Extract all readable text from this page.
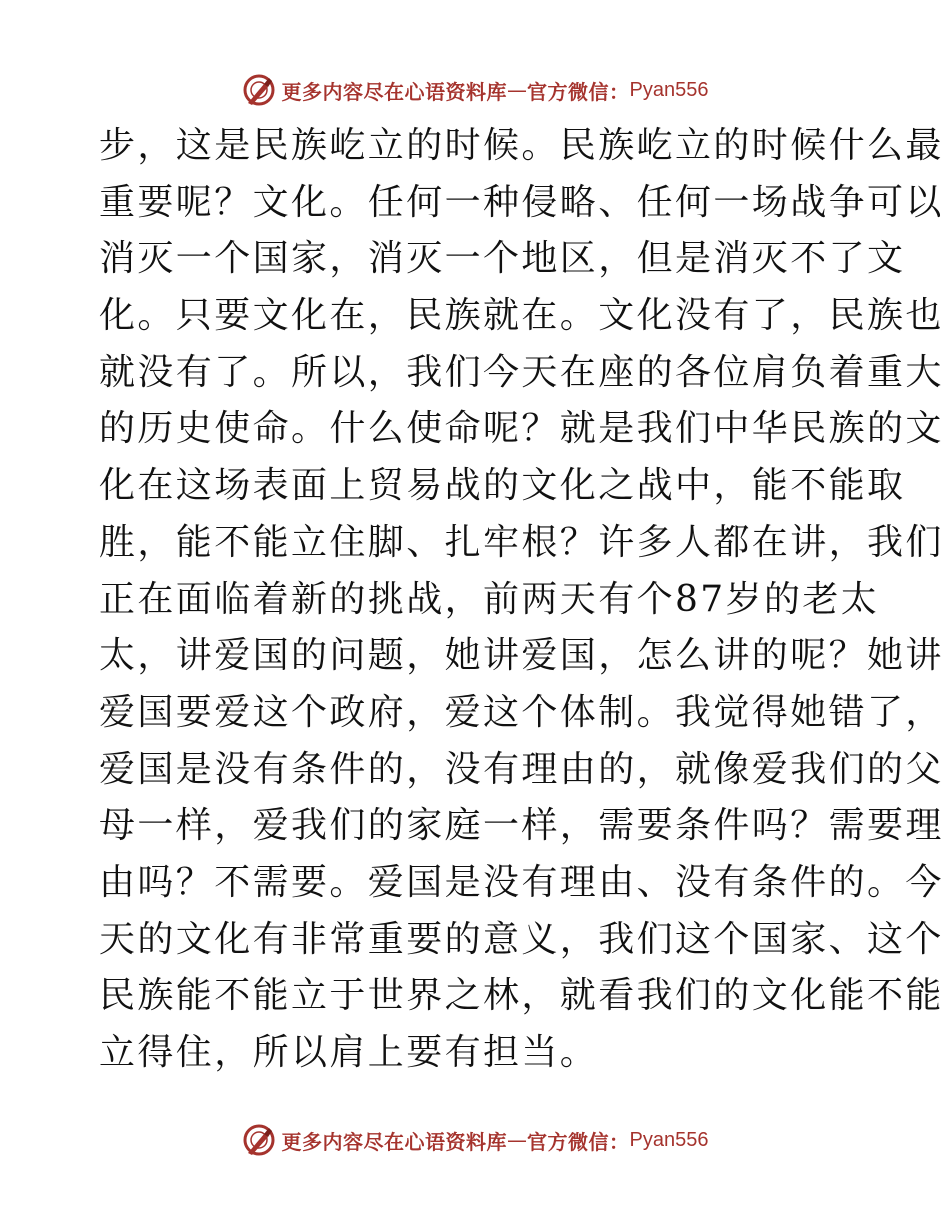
更多内容尽在心语资料库 — 官方微信： Pyan556
步，这是民族屹立的时候。民族屹立的时候什么最
重要呢？文化。任何一种侵略、任何一场战争可以
消灭一个国家，消灭一个地区，但是消灭不了文
化。只要文化在，民族就在。文化没有了，民族也
就没有了。所以，我们今天在座的各位肩负着重大
的历史使命。什么使命呢？就是我们中华民族的文
化在这场表面上贸易战的文化之战中，能不能取
胜，能不能立住脚、扎牢根？许多人都在讲，我们
正在面临着新的挑战，前两天有个87岁的老太
太，讲爱国的问题，她讲爱国，怎么讲的呢？她讲
爱国要爱这个政府，爱这个体制。我觉得她错了，
爱国是没有条件的，没有理由的，就像爱我们的父
母一样，爱我们的家庭一样，需要条件吗？需要理
由吗？不需要。爱国是没有理由、没有条件的。今
天的文化有非常重要的意义，我们这个国家、这个
民族能不能立于世界之林，就看我们的文化能不能
立得住，所以肩上要有担当。
更多内容尽在心语资料库 — 官方微信： Pyan556
